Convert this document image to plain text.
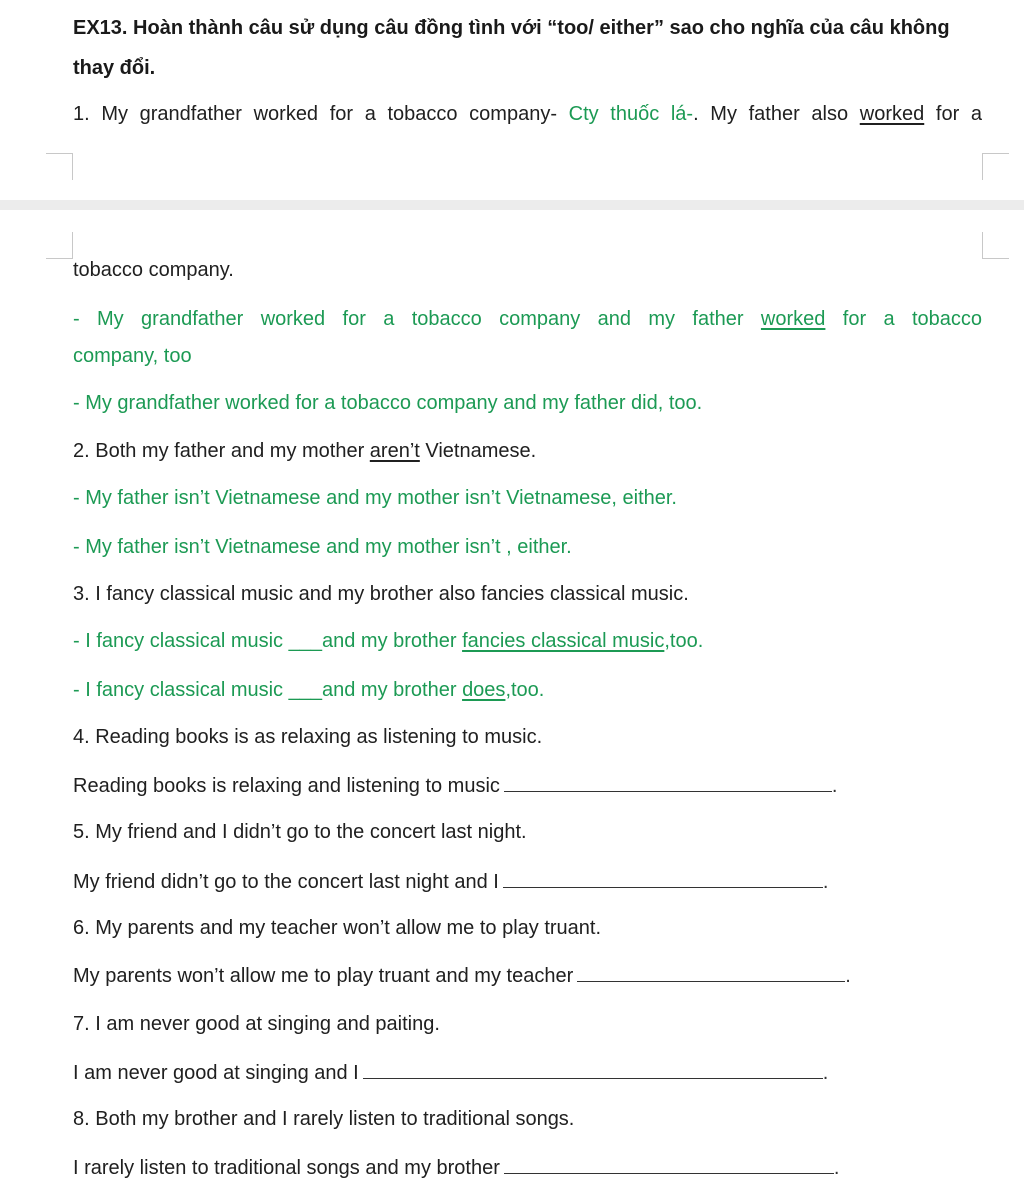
EX13. Hoàn thành câu sử dụng câu đồng tình với “too/ either” sao cho nghĩa của câu không
thay đổi.
1. My grandfather worked for a tobacco company- Cty thuốc lá-. My father also worked for a
tobacco company.
- My grandfather worked for a tobacco company and my father worked for a tobacco
company, too
- My grandfather worked for a tobacco company and my father did, too.
2. Both my father and my mother aren’t Vietnamese.
- My father isn’t Vietnamese and my mother isn’t Vietnamese, either.
- My father isn’t Vietnamese and my mother isn’t , either.
3. I fancy classical music and my brother also fancies classical music.
- I fancy classical music ___and my brother fancies classical music,too.
- I fancy classical music ___and my brother does,too.
4. Reading books is as relaxing as listening to music.
Reading books is relaxing and listening to music	.
5. My friend and I didn’t go to the concert last night.
My friend didn’t go to the concert last night and I	.
6. My parents and my teacher won’t allow me to play truant.
My parents won’t allow me to play truant and my teacher	.
7. I am never good at singing and paiting.
I am never good at singing and I	.
8. Both my brother and I rarely listen to traditional songs.
I rarely listen to traditional songs and my brother	.
